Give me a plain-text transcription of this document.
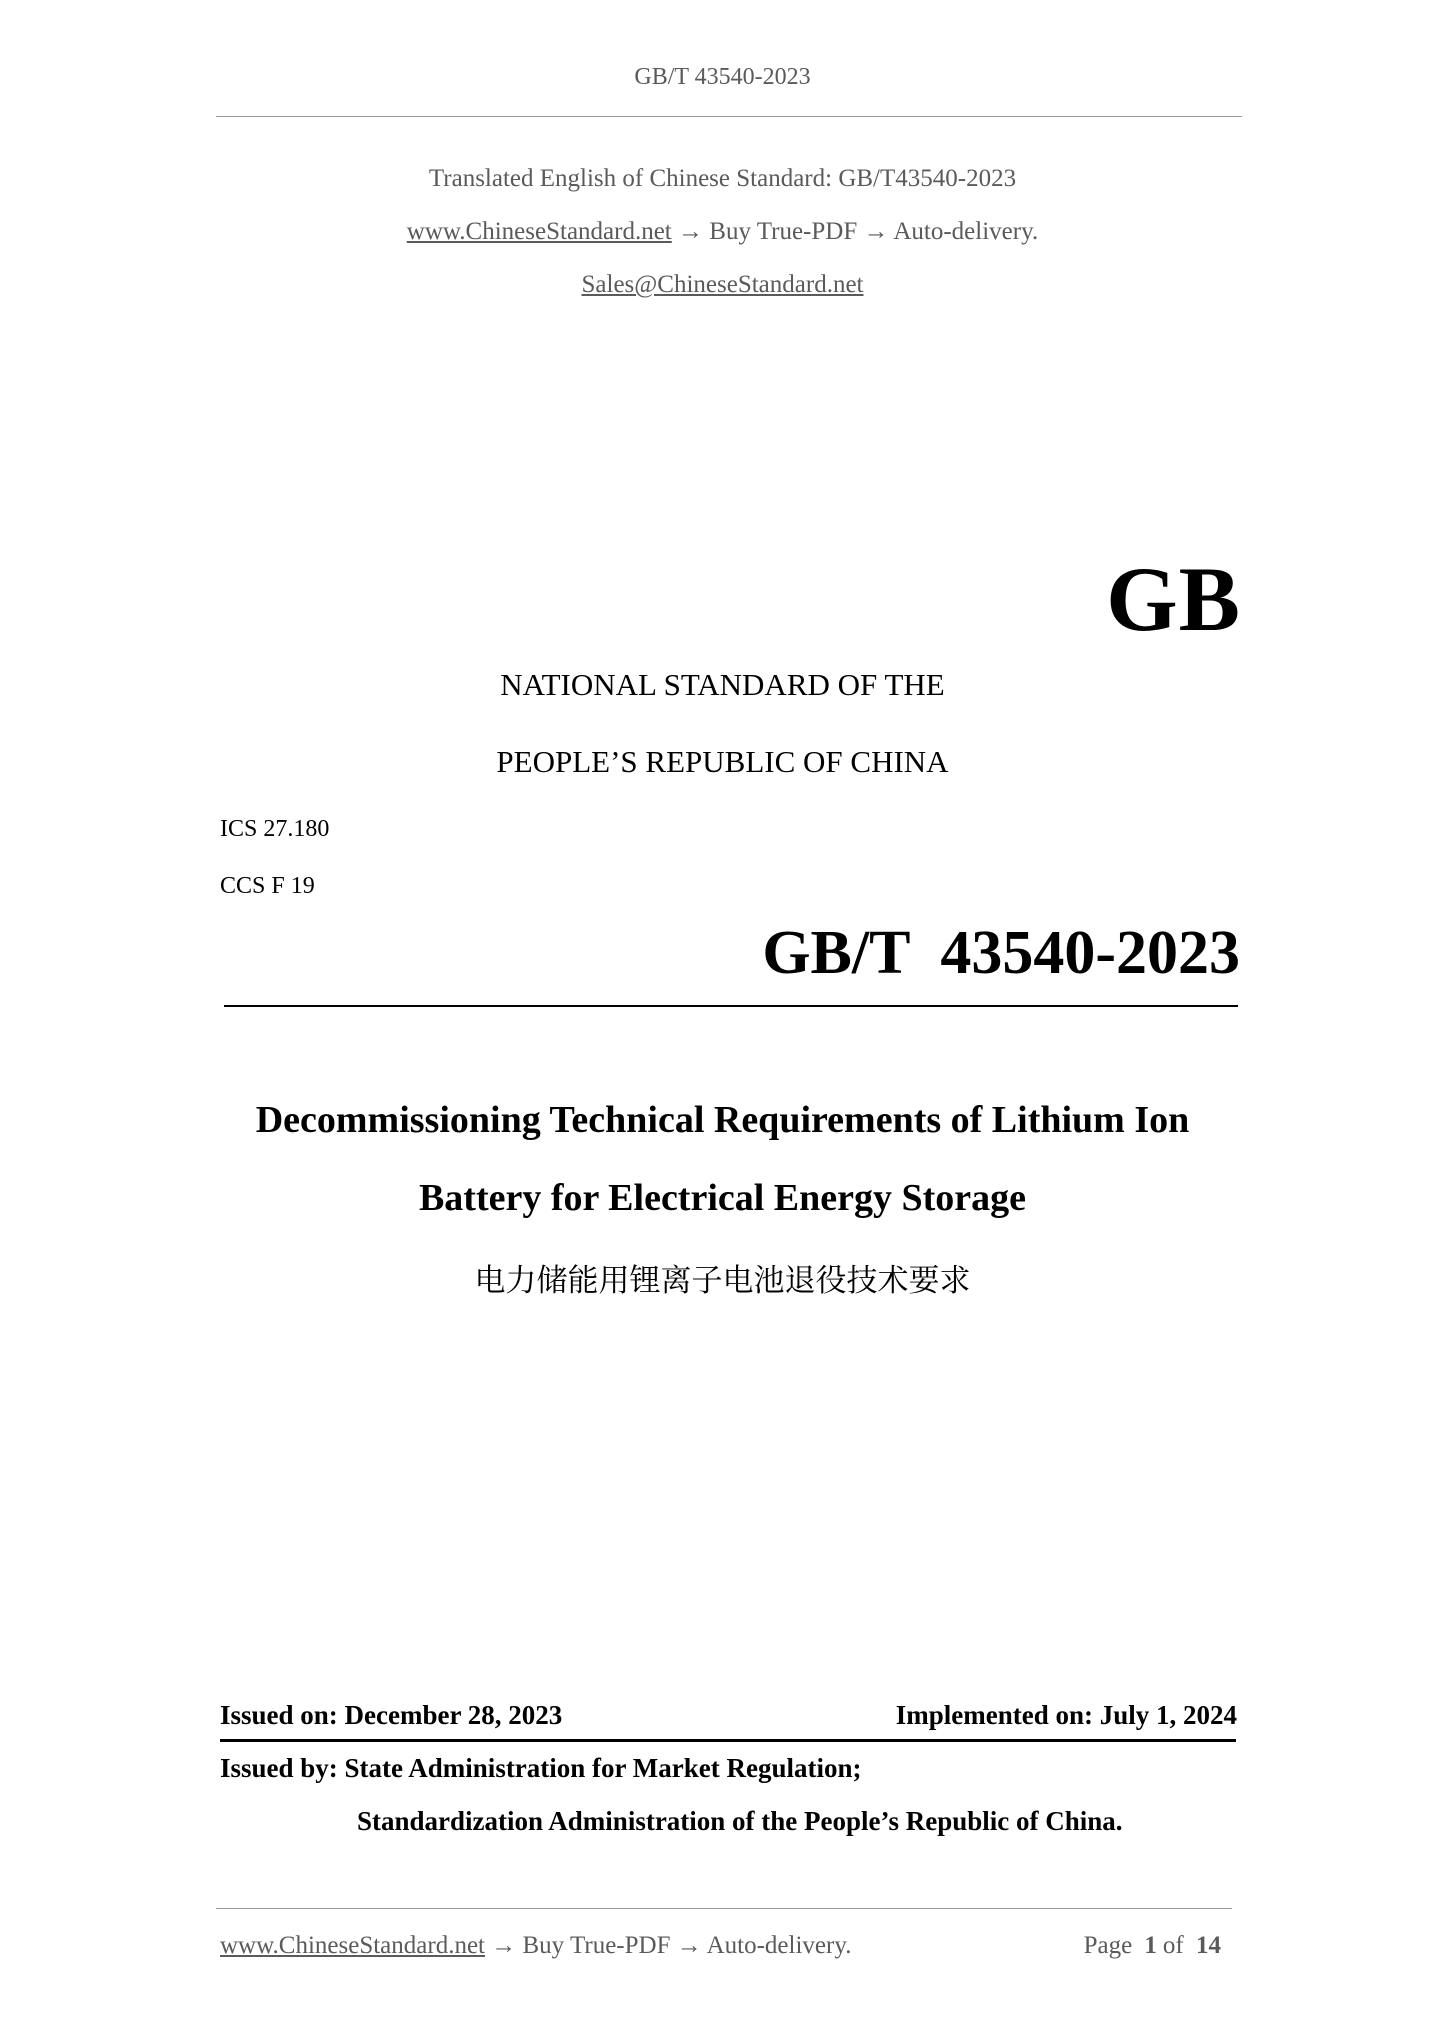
GB/T 43540-2023
Translated English of Chinese Standard: GB/T43540-2023
www.ChineseStandard.net → Buy True-PDF → Auto-delivery.
Sales@ChineseStandard.net
GB
NATIONAL STANDARD OF THE
PEOPLE’S REPUBLIC OF CHINA
ICS 27.180
CCS F 19
GB/T  43540-2023
Decommissioning Technical Requirements of Lithium Ion
Battery for Electrical Energy Storage
电力储能用锂离子电池退役技术要求
Issued on: December 28, 2023	Implemented on: July 1, 2024
Issued by: State Administration for Market Regulation;
Standardization Administration of the People’s Republic of China.
www.ChineseStandard.net → Buy True-PDF → Auto-delivery.	Page 1 of 14
